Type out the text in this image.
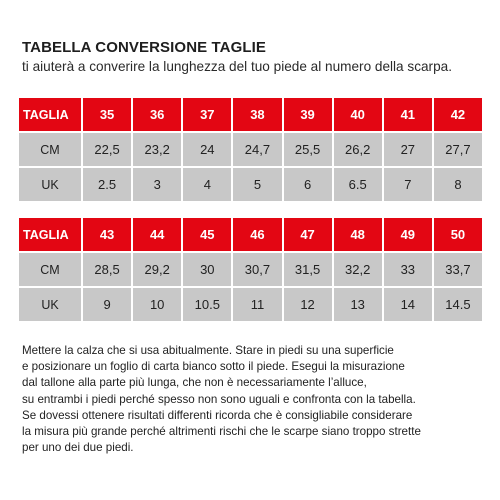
TABELLA CONVERSIONE TAGLIE
ti aiuterà a converire la lunghezza del tuo piede al numero della scarpa.
TAGLIA	35	36	37	38	39	40	41	42
CM	22,5	23,2	24	24,7	25,5	26,2	27	27,7
UK	2.5	3	4	5	6	6.5	7	8
TAGLIA	43	44	45	46	47	48	49	50
CM	28,5	29,2	30	30,7	31,5	32,2	33	33,7
UK	9	10	10.5	11	12	13	14	14.5
Mettere la calza che si usa abitualmente. Stare in piedi su una superficie
e posizionare un foglio di carta bianco sotto il piede. Esegui la misurazione
dal tallone alla parte più lunga, che non è necessariamente l’alluce,
su entrambi i piedi perché spesso non sono uguali e confronta con la tabella.
Se dovessi ottenere risultati differenti ricorda che è consigliabile considerare
la misura più grande perché altrimenti rischi che le scarpe siano troppo strette
per uno dei due piedi.
